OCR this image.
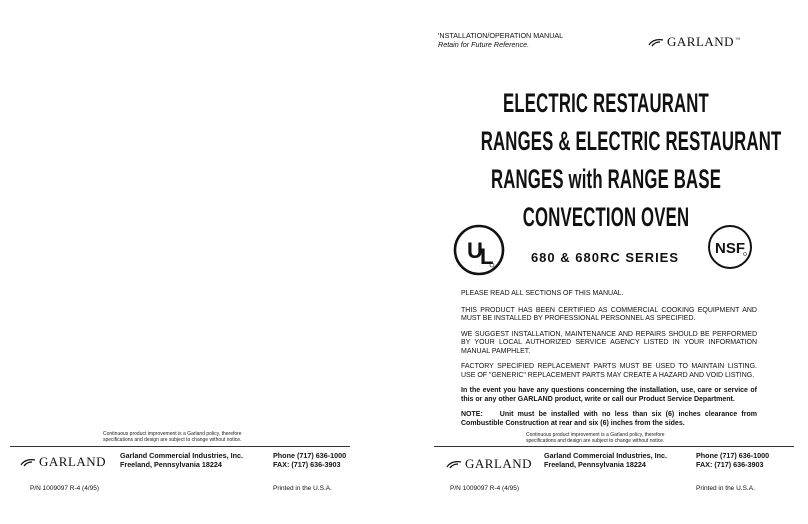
Continuous product improvement is a Garland policy, therefore
specifications and design are subject to change without notice.
GARLAND Garland Commercial Industries, Inc.
Freeland, Pennsylvania 18224
Phone (717) 636-1000
FAX: (717) 636-3903
P/N 1009097 R-4 (4/95)	Printed in the U.S.A.
'NSTALLATION/OPERATION MANUAL
Retain for Future Reference.	GARLAND™
ELECTRIC RESTAURANT
RANGES & ELECTRIC RESTAURANT
RANGES with RANGE BASE
CONVECTION OVEN
U
L	680 & 680RC SERIES
NSF
PLEASE READ ALL SECTIONS OF THIS MANUAL.
THIS PRODUCT HAS BEEN CERTIFIED AS COMMERCIAL COOKING EQUIPMENT AND MUST BE INSTALLED BY PROFESSIONAL PERSONNEL AS SPECIFIED.
WE SUGGEST INSTALLATION, MAINTENANCE AND REPAIRS SHOULD BE PERFORMED BY YOUR LOCAL AUTHORIZED SERVICE AGENCY LISTED IN YOUR INFORMATION MANUAL PAMPHLET.
FACTORY SPECIFIED REPLACEMENT PARTS MUST BE USED TO MAINTAIN LISTING. USE OF "GENERIC" REPLACEMENT PARTS MAY CREATE A HAZARD AND VOID LISTING.
In the event you have any questions concerning the installation, use, care or service of this or any other GARLAND product, write or call our Product Service Department.
NOTE: Unit must be installed with no less than six (6) inches clearance from Combustible Construction at rear and six (6) inches from the sides.
Continuous product improvement is a Garland policy, therefore
specifications and design are subject to change without notice.
GARLAND
Garland Commercial Industries, Inc.
Freeland, Pennsylvania 18224
Phone (717) 636-1000
FAX: (717) 636-3903
P/N 1009097 R-4 (4/95)	Printed in the U.S.A.
